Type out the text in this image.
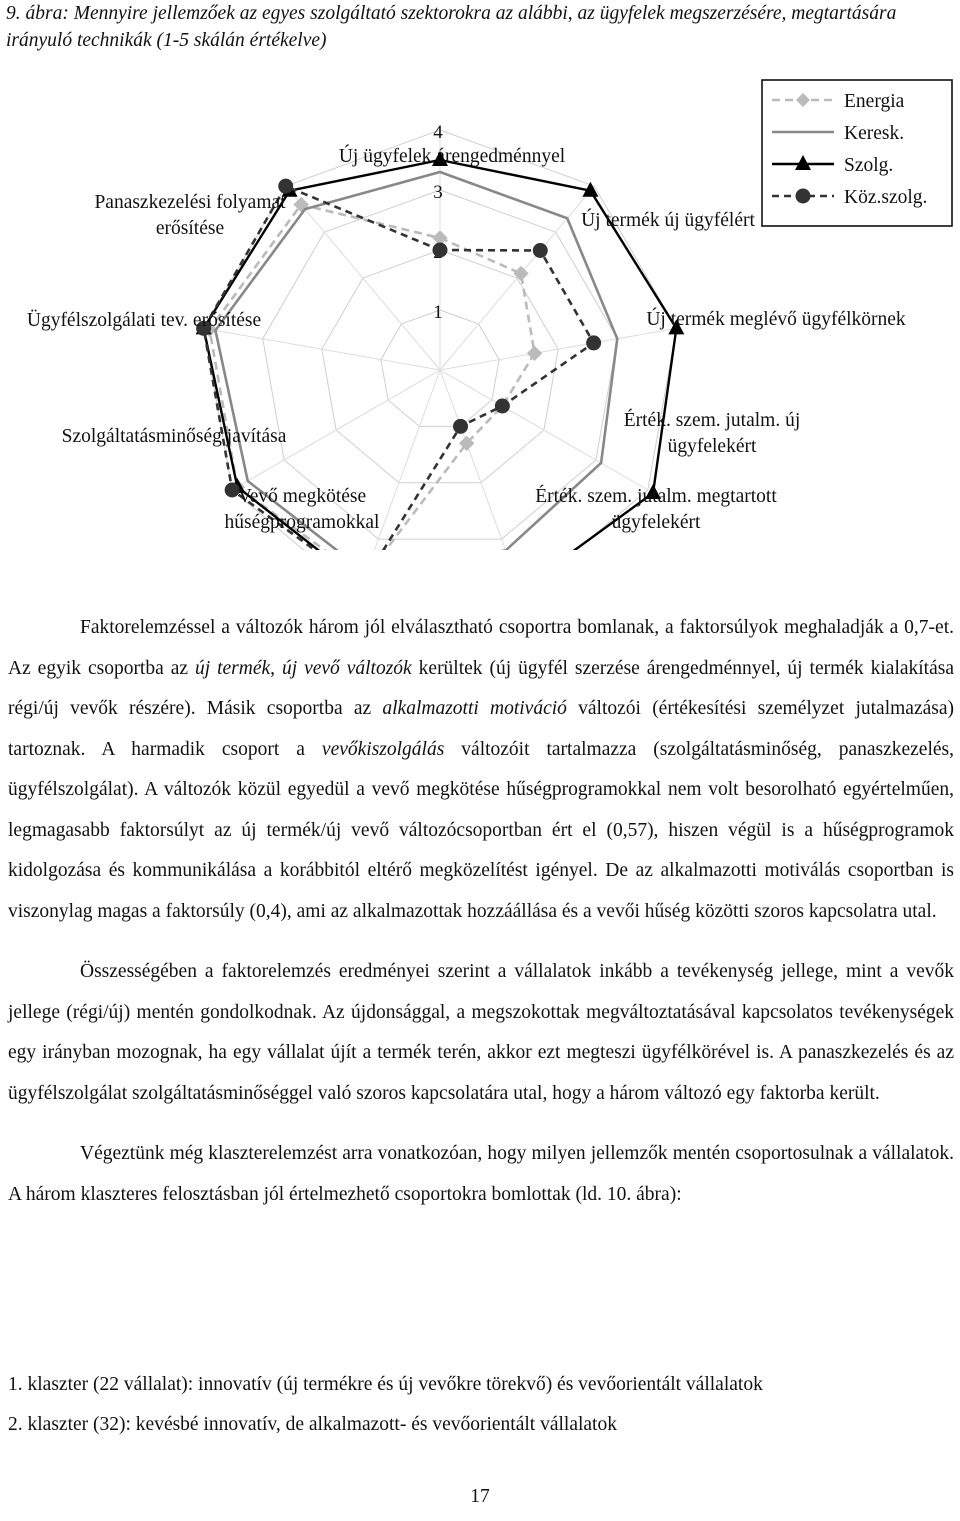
9. ábra: Mennyire jellemzőek az egyes szolgáltató szektorokra az alábbi, az ügyfelek megszerzésére, megtartására irányuló technikák (1-5 skálán értékelve)
1
3
4
Új ügyfelek árengedménnyel
Új termék új ügyfélért
Új termék meglévő ügyfélkörnek
Érték. szem. jutalm. új
ügyfelekért
Érték. szem. jutalm. megtartott
ügyfelekért
Vevő megkötése
hűségprogramokkal
Szolgáltatásminőség javítása
Ügyfélszolgálati tev. erősítése
Panaszkezelési folyamat
erősítése
Energia
Keresk.
Szolg.
Köz.szolg.

Faktorelemzéssel a változók három jól elválasztható csoportra bomlanak, a faktorsúlyok meghaladják a 0,7-et. Az egyik csoportba az új termék, új vevő változók kerültek (új ügyfél szerzése árengedménnyel, új termék kialakítása régi/új vevők részére). Másik csoportba az alkalmazotti motiváció változói (értékesítési személyzet jutalmazása) tartoznak. A harmadik csoport a vevőkiszolgálás változóit tartalmazza (szolgáltatásminőség, panaszkezelés, ügyfélszolgálat). A változók közül egyedül a vevő megkötése hűségprogramokkal nem volt besorolható egyértelműen, legmagasabb faktorsúlyt az új termék/új vevő változócsoportban ért el (0,57), hiszen végül is a hűségprogramok kidolgozása és kommunikálása a korábbitól eltérő megközelítést igényel. De az alkalmazotti motiválás csoportban is viszonylag magas a faktorsúly (0,4), ami az alkalmazottak hozzáállása és a vevői hűség közötti szoros kapcsolatra utal.

Összességében a faktorelemzés eredményei szerint a vállalatok inkább a tevékenység jellege, mint a vevők jellege (régi/új) mentén gondolkodnak. Az újdonsággal, a megszokottak megváltoztatásával kapcsolatos tevékenységek egy irányban mozognak, ha egy vállalat újít a termék terén, akkor ezt megteszi ügyfélkörével is. A panaszkezelés és az ügyfélszolgálat szolgáltatásminőséggel való szoros kapcsolatára utal, hogy a három változó egy faktorba került.

Végeztünk még klaszterelemzést arra vonatkozóan, hogy milyen jellemzők mentén csoportosulnak a vállalatok. A három klaszteres felosztásban jól értelmezhető csoportokra bomlottak (ld. 10. ábra):

1. klaszter (22 vállalat): innovatív (új termékre és új vevőkre törekvő) és vevőorientált vállalatok
2. klaszter (32): kevésbé innovatív, de alkalmazott- és vevőorientált vállalatok
17
